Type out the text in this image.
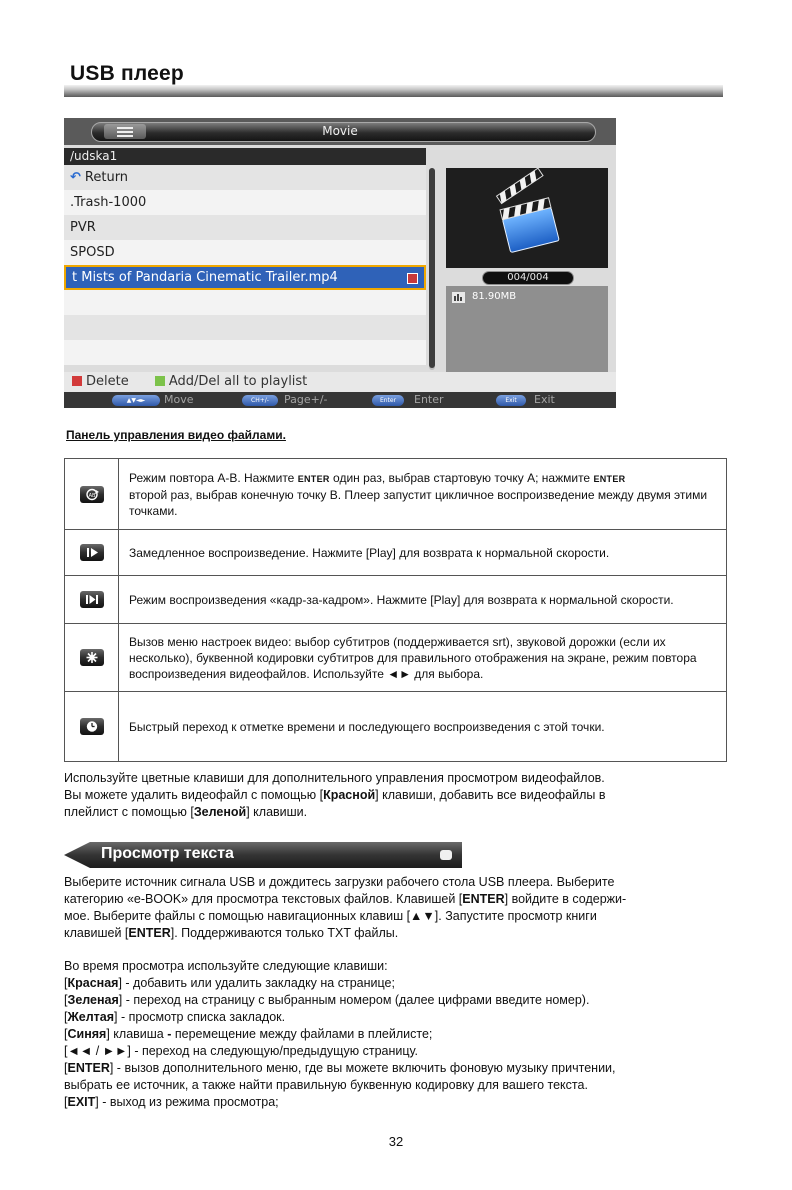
USB плеер
Movie
/udska1
↶ Return
.Trash-1000
PVR
SPOSD
t Mists of Pandaria Cinematic Trailer.mp4	004/004
81.90MB
Delete	Add/Del all to playlist
▲▼◄►	Move	CH+/-	Page+/-	Enter	Enter	Exit	Exit
Панель управления видео файлами.
AB	Режим повтора А-В. Нажмите ENTER один раз, выбрав стартовую точку А; нажмите ENTER
второй раз, выбрав конечную точку В. Плеер запустит цикличное воспроизведение между двумя этими точками.

	Замедленное воспроизведение. Нажмите [Play] для возврата к нормальной скорости.

	Режим воспроизведения «кадр-за-кадром». Нажмите [Play] для возврата к нормальной скорости.

	Вызов меню настроек видео: выбор субтитров (поддерживается srt), звуковой дорожки (если их несколько), буквенной кодировки субтитров для правильного отображения на экране, режим повтора воспроизведения видеофайлов. Используйте ◄► для выбора.

	Быстрый переход к отметке времени и последующего воспроизведения с этой точки.
Используйте цветные клавиши для дополнительного управления просмотром видеофайлов.
Вы можете удалить видеофайл с помощью [Красной] клавиши, добавить все видеофайлы в
плейлист с помощью [Зеленой] клавиши.
Просмотр текста
Выберите источник сигнала USB и дождитесь загрузки рабочего стола USB плеера. Выберите
категорию «e-BOOK» для просмотра текстовых файлов. Клавишей [ENTER] войдите в содержи-
мое. Выберите файлы с помощью навигационных клавиш [▲▼]. Запустите просмотр книги
клавишей [ENTER]. Поддерживаются только TXT файлы.
Во время просмотра используйте следующие клавиши:
[Красная] - добавить или удалить закладку на странице;
[Зеленая] - переход на страницу с выбранным номером (далее цифрами введите номер).
[Желтая] - просмотр списка закладок.
[Синяя] клавиша - перемещение между файлами в плейлисте;
[◄◄ / ►►] - переход на следующую/предыдущую страницу.
[ENTER] - вызов дополнительного меню, где вы можете включить фоновую музыку причтении,
выбрать ее источник, а также найти правильную буквенную кодировку для вашего текста.
[EXIT] - выход из режима просмотра;
32
